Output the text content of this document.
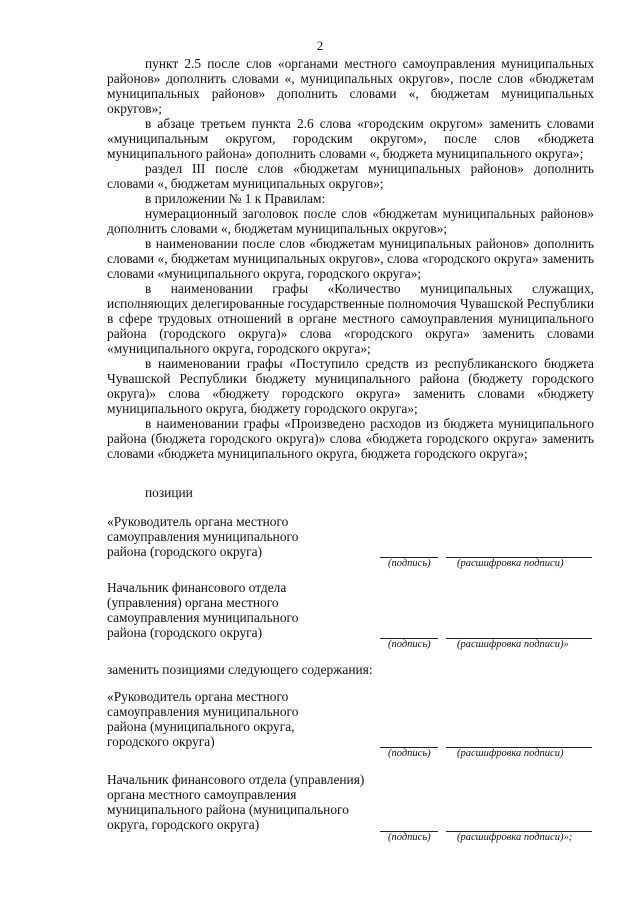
2

пункт 2.5 после слов «органами местного самоуправления муниципальных районов» дополнить словами «, муниципальных округов», после слов «бюджетам муниципальных районов» дополнить словами «, бюджетам муниципальных округов»;

в абзаце третьем пункта 2.6 слова «городским округом» заменить словами «муниципальным округом, городским округом», после слов «бюджета муниципального района» дополнить словами «, бюджета муниципального округа»;

раздел III после слов «бюджетам муниципальных районов» дополнить словами «, бюджетам муниципальных округов»;

в приложении № 1 к Правилам:

нумерационный заголовок после слов «бюджетам муниципальных районов» дополнить словами «, бюджетам муниципальных округов»;

в наименовании после слов «бюджетам муниципальных районов» дополнить словами «, бюджетам муниципальных округов», слова «городского округа» заменить словами «муниципального округа, городского округа»;

в наименовании графы «Количество муниципальных служащих, исполняющих делегированные государственные полномочия Чувашской Республики в сфере трудовых отношений в органе местного самоуправления муниципального района (городского округа)» слова «городского округа» заменить словами «муниципального округа, городского округа»;

в наименовании графы «Поступило средств из республиканского бюджета Чувашской Республики бюджету муниципального района (бюджету городского округа)» слова «бюджету городского округа» заменить словами «бюджету муниципального округа, бюджету городского округа»;

в наименовании графы «Произведено расходов из бюджета муниципального района (бюджета городского округа)» слова «бюджета городского округа» заменить словами «бюджета муниципального округа, бюджета городского округа»;

позиции
«Руководитель органа местного
самоуправления муниципального
района (городского округа)
(подпись)	(расшифровка подписи)
Начальник финансового отдела
(управления) органа местного
самоуправления муниципального
района (городского округа)
(подпись)	(расшифровка подписи)»
заменить позициями следующего содержания:
«Руководитель органа местного
самоуправления муниципального
района (муниципального округа,
городского округа)
(подпись)	(расшифровка подписи)
Начальник финансового отдела (управления)
органа местного самоуправления
муниципального района (муниципального
округа, городского округа)
(подпись)	(расшифровка подписи)»;
